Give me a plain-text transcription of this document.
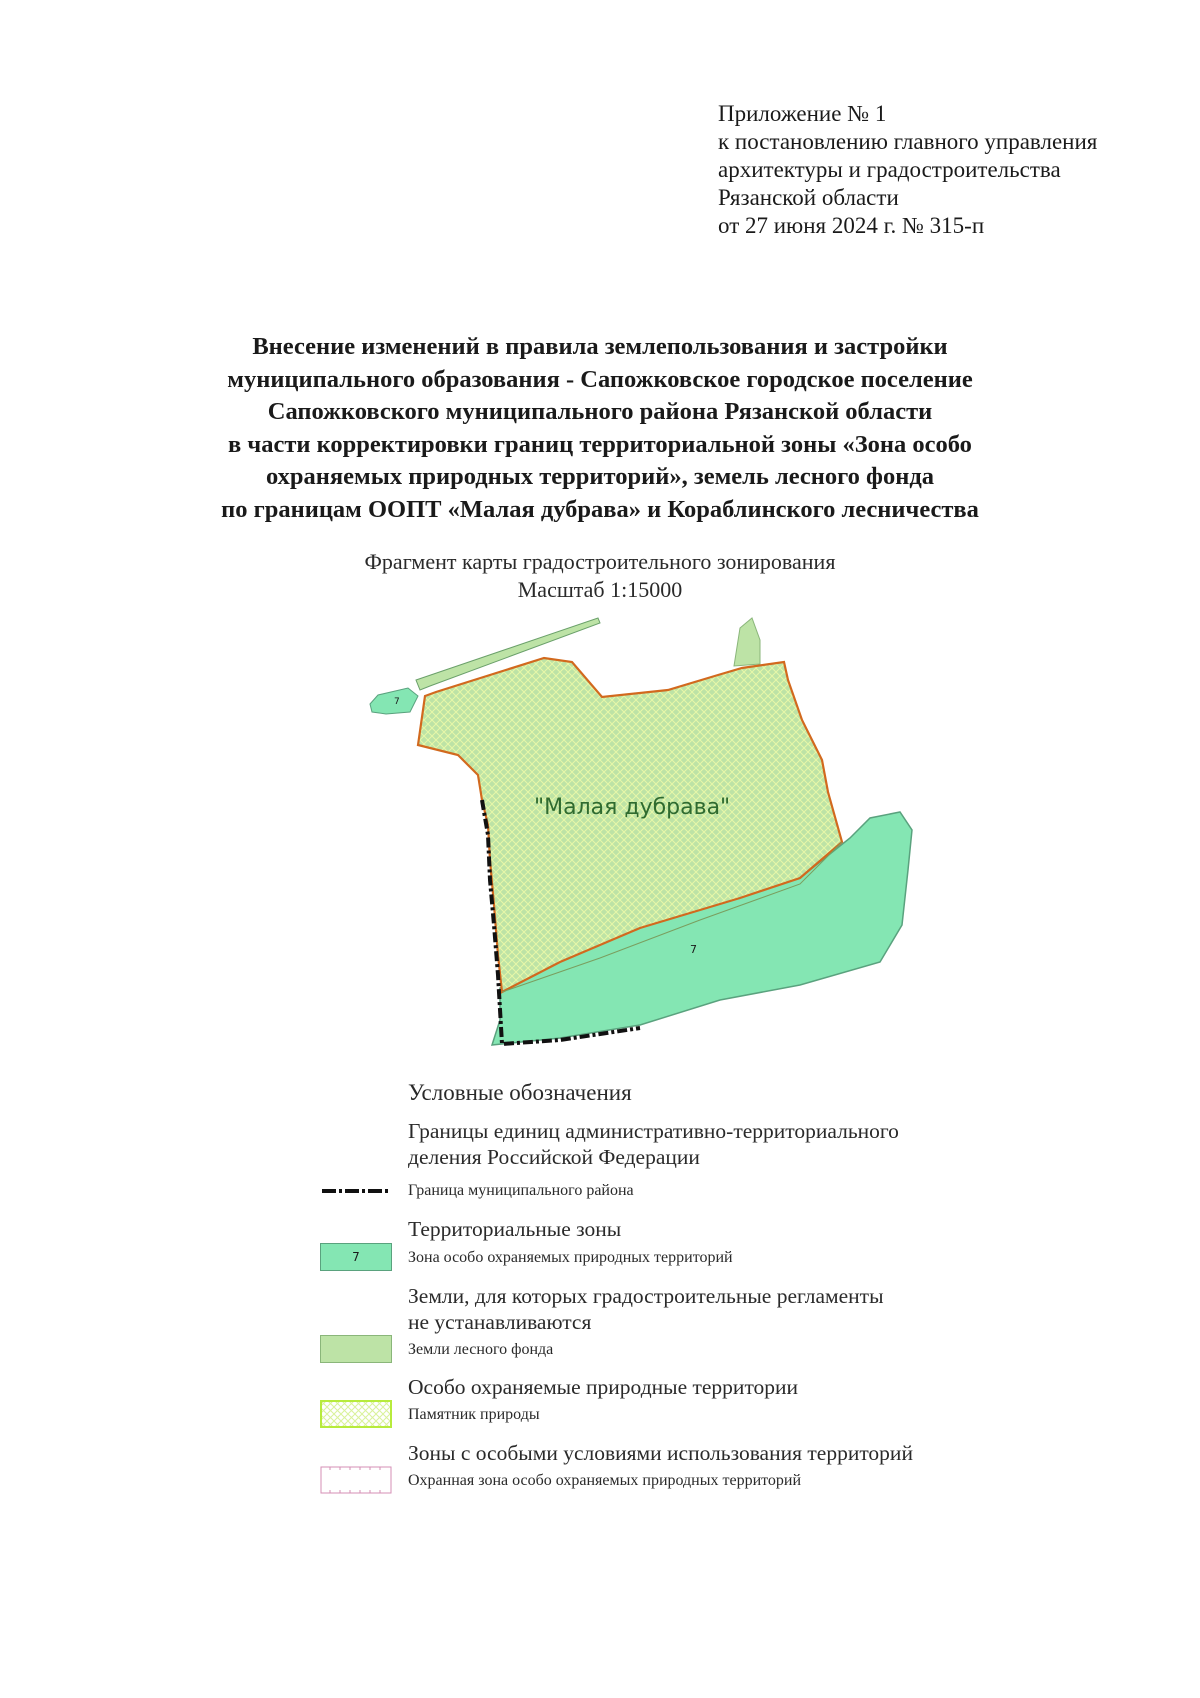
Приложение № 1
к постановлению главного управления
архитектуры и градостроительства
Рязанской области
от 27 июня 2024 г. № 315-п
Внесение изменений в правила землепользования и застройки
муниципального образования - Сапожковское городское поселение
Сапожковского муниципального района Рязанской области
в части корректировки границ территориальной зоны «Зона особо
охраняемых природных территорий», земель лесного фонда
по границам ООПТ «Малая дубрава» и Кораблинского лесничества
Фрагмент карты градостроительного зонирования
Масштаб 1:15000
"Малая дубрава"
7
7
Условные обозначения
Границы единиц административно-территориального
деления Российской Федерации
Граница муниципального района
Территориальные зоны
7	Зона особо охраняемых природных территорий
Земли, для которых градостроительные регламенты
не устанавливаются
Земли лесного фонда
Особо охраняемые природные территории
Памятник природы
Зоны с особыми условиями использования территорий
Охранная зона особо охраняемых природных территорий
